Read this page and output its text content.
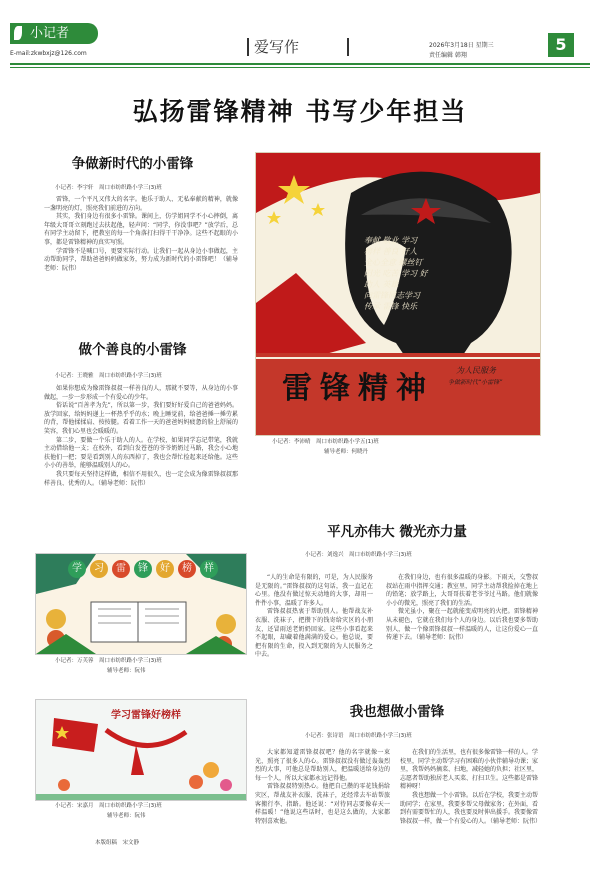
小记者
E-mail:zkwbxjz@126.com	爱写作	2026年3月18日 星期三
责任编辑 韩翔
5
弘扬雷锋精神 书写少年担当
争做新时代的小雷锋
小记者：李宇轩　周口市纺织路小学三(3)班

雷锋，一个平凡又伟大的名字。他乐于助人、无私奉献的精神，就像一盏明亮的灯，照亮我们前进的方向。

其实，我们身边有很多小雷锋。课间上，仿学姐同学不小心摔倒，离年级大哥哥立刻跑过去扶起他，轻声问：“同学，你没事吧？”放学后，总有同学主动留下，把教室的每一个角落打扫得干干净净。这些不起眼的小事，都是雷锋精神的真实写照。

学雷锋不是喊口号，更要实际行动。让我们一起从身边小事做起，主动帮助同学，帮助爸爸妈妈做家务，努力成为新时代的小雷锋吧！（辅导老师：阮伟）

做个善良的小雷锋
小记者：王晓雅　周口市纺织路小学三(3)班

如果你想成为像雷锋叔叔一样善良的人，那就不要等，从身边的小事做起，一步一步形成一个有爱心的少年。

俗话说“百善孝为先”，所以第一步，我们要好好爱自己的爸爸妈妈。放学回家，给妈妈递上一杯热乎乎的水；晚上睡觉前，给爸爸捶一捶劳累的背，帮他揉揉肩、按按腿。看着工作一天的爸爸妈妈疲惫的脸上舒展的笑容，我们心里也会暖暖的。

第二步，要做一个乐于助人的人。在学校，如果同学忘记带笔，我就主动借给他一支；在校外，看到白发苍苍的爷爷奶奶过马路，我会小心地扶他们一把；要是看到别人的东西掉了，我也会帮忙捡起来还给他。这些小小的善举，能够温暖别人的心。

我只要每天坚持这样做，相信不用很久，也一定会成为像雷锋叔叔那样善良、优秀的人。（辅导老师：阮伟）

学	习	雷	锋	好	榜	样
小记者：万芙蓉　周口市纺织路小学三(3)班
辅导老师：阮伟
学习雷锋好榜样
小记者：宋嘉月　周口市纺织路小学三(3)班
辅导老师：阮伟
本版组稿　宋文静
奉献 敬业 学习
榜样 善良 好人
全心全意 螺丝钉
阳光 吃苦 学习 好
助人 英雄
向雷锋同志学习
传承 雷锋 快乐
为人民服务
争做新时代“小雷锋”
雷锋精神
小记者：李沛晴　周口市纺织路小学五(1)班
辅导老师：何晓丹
平凡亦伟大 微光亦力量
小记者：刘逸兴　周口市纺织路小学三(3)班

“人的生命是有限的，可是，为人民服务是无限的。”雷锋叔叔的这句话，我一直记在心里。他没有做过惊天动地的大事，却用一件件小事，温暖了许多人。

雷锋叔叔热衷于帮助别人。他帮战友补衣服、洗袜子，把攒下的钱寄给灾区的小朋友，还冒雨送老奶奶回家。这些小事看起来不起眼，却藏着他满满的爱心。他总说，要把有限的生命，投入到无限的为人民服务之中去。

在我们身边，也有很多温暖的身影。下雨天，交警叔叔站在雨中指挥交通；教室里，同学主动帮我捡掉在地上的铅笔；放学路上，大哥哥扶着老爷爷过马路。他们就像小小的微光，照亮了我们的生活。

微光虽小，聚在一起就能变成明亮的火把。雷锋精神从未褪色，它就在我们每个人的身边。以后我也要多帮助别人，做一个像雷锋叔叔一样温暖的人，让这份爱心一直传递下去。（辅导老师：阮伟）

我也想做小雷锋
小记者：张诗语　周口市纺织路小学三(3)班

大家都知道雷锋叔叔吧？他的名字就像一束光，照亮了很多人的心。雷锋叔叔没有做过轰轰烈烈的大事，可他总是帮助别人，把温暖送给身边的每一个人，所以大家都永远记得他。

雷锋叔叔特别热心。他把自己攒的零花钱捐给灾区，帮战友补衣服、洗袜子，还经常去车站帮旅客搬行李、指路。他还说：“对待同志要像春天一样温暖！”他说这些话时，也是这么做的，大家都特别喜欢他。

在我们的生活里，也有很多像雷锋一样的人。学校里，同学主动帮学习有困难的小伙伴辅导功课；家里，我帮妈妈摘菜、扫地，减轻她的负担；社区里，志愿者帮助独居老人买菜、打扫卫生。这些都是雷锋精神呀！

我也想做一个小雷锋。以后在学校，我要主动帮助同学；在家里，我要多帮父母做家务；在外面，看到有需要帮忙的人，我也要及时伸出援手。我要像雷锋叔叔一样，做一个有爱心的人。（辅导老师：阮伟）
